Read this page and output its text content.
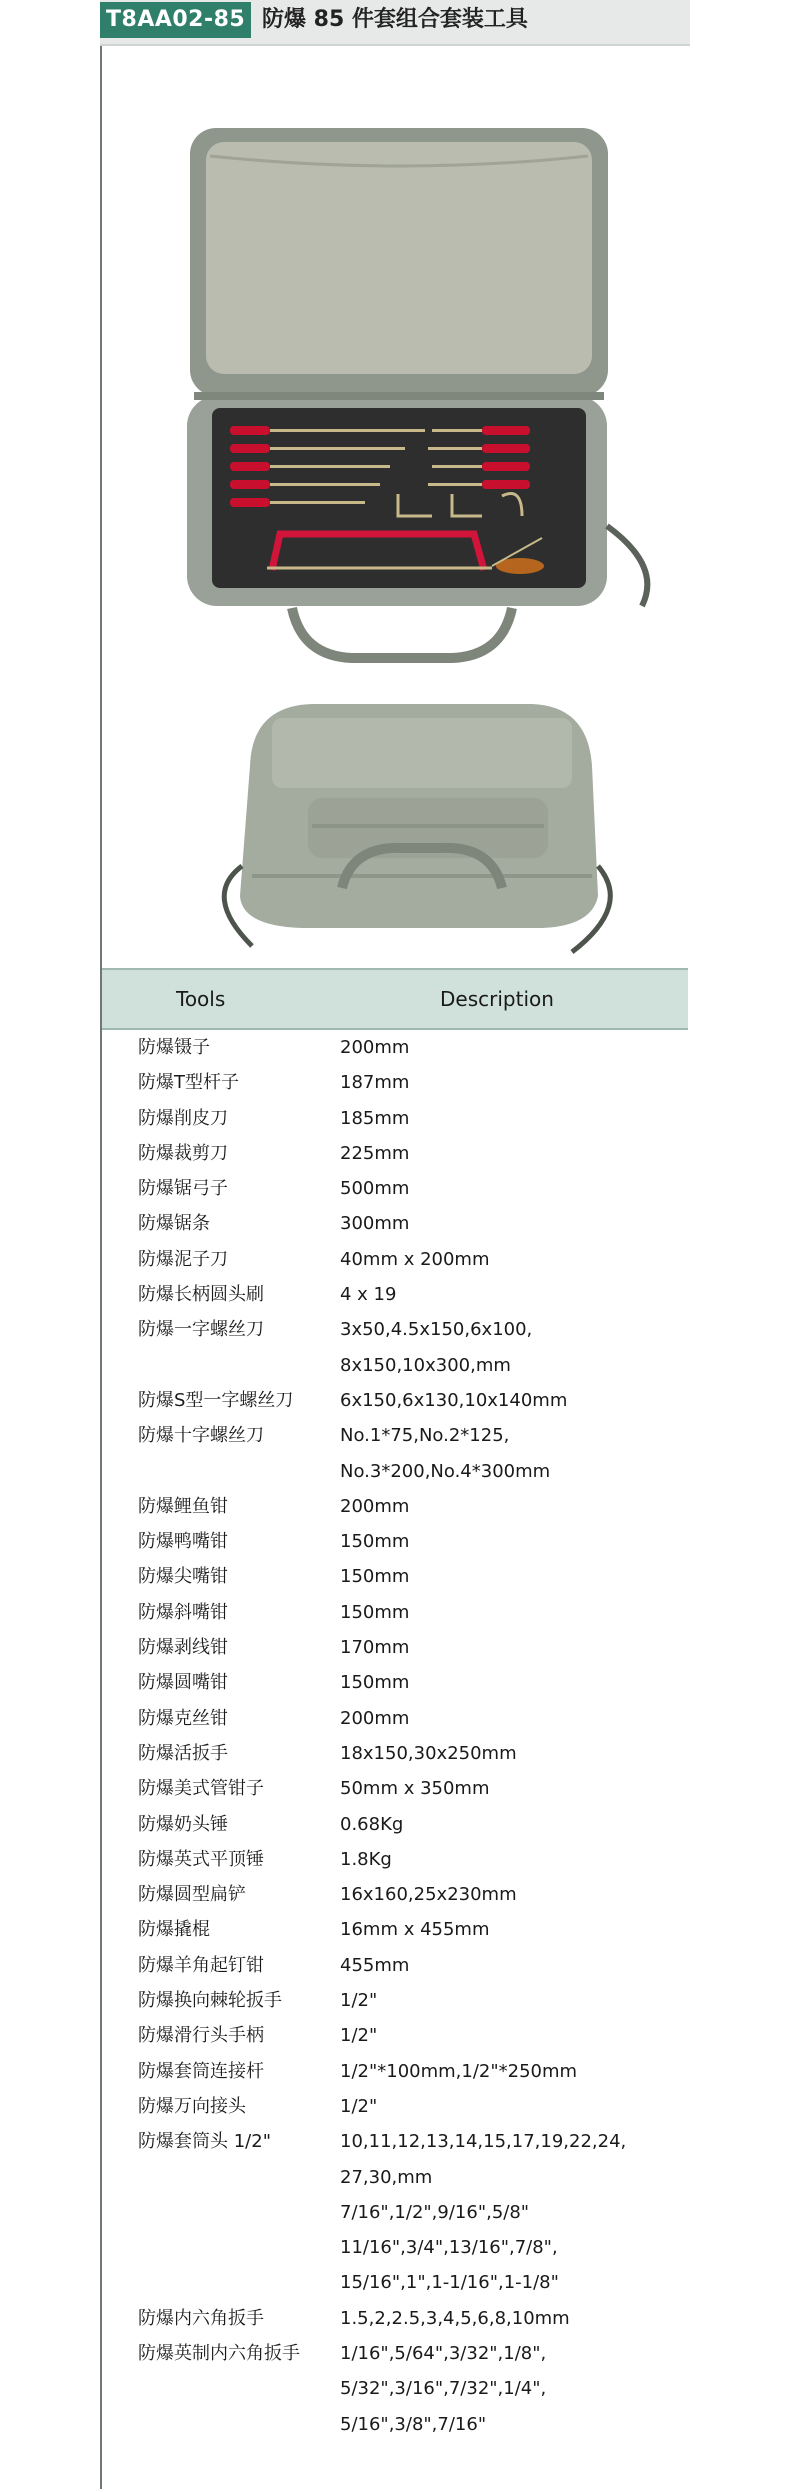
T8AA02-85 防爆 85 件套组合套装工具
Tools	Description
防爆镊子	200mm
防爆T型杆子	187mm
防爆削皮刀	185mm
防爆裁剪刀	225mm
防爆锯弓子	500mm
防爆锯条	300mm
防爆泥子刀	40mm x 200mm
防爆长柄圆头刷	4 x 19
防爆一字螺丝刀	3x50,4.5x150,6x100,
8x150,10x300,mm
防爆S型一字螺丝刀	6x150,6x130,10x140mm
防爆十字螺丝刀	No.1*75,No.2*125,
No.3*200,No.4*300mm
防爆鲤鱼钳	200mm
防爆鸭嘴钳	150mm
防爆尖嘴钳	150mm
防爆斜嘴钳	150mm
防爆剥线钳	170mm
防爆圆嘴钳	150mm
防爆克丝钳	200mm
防爆活扳手	18x150,30x250mm
防爆美式管钳子	50mm x 350mm
防爆奶头锤	0.68Kg
防爆英式平顶锤	1.8Kg
防爆圆型扁铲	16x160,25x230mm
防爆撬棍	16mm x 455mm
防爆羊角起钉钳	455mm
防爆换向棘轮扳手	1/2"
防爆滑行头手柄	1/2"
防爆套筒连接杆	1/2"*100mm,1/2"*250mm
防爆万向接头	1/2"
防爆套筒头 1/2"	10,11,12,13,14,15,17,19,22,24,
27,30,mm
7/16",1/2",9/16",5/8"
11/16",3/4",13/16",7/8",
15/16",1",1-1/16",1-1/8"
防爆内六角扳手	1.5,2,2.5,3,4,5,6,8,10mm
防爆英制内六角扳手	1/16",5/64",3/32",1/8",
5/32",3/16",7/32",1/4",
5/16",3/8",7/16"
